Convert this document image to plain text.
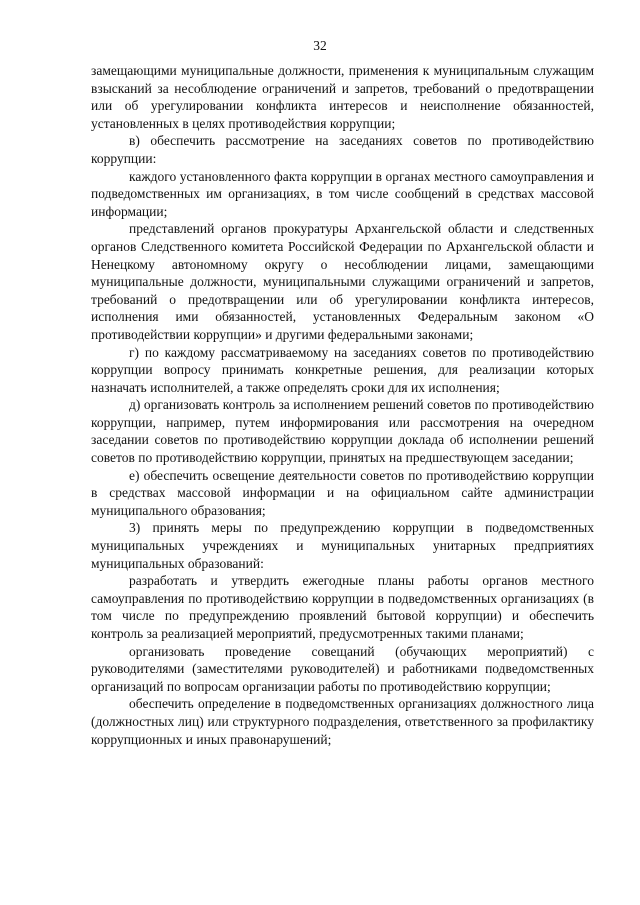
32

замещающими муниципальные должности, применения к муниципальным служащим взысканий за несоблюдение ограничений и запретов, требований о предотвращении или об урегулировании конфликта интересов и неисполнение обязанностей, установленных в целях противодействия коррупции;

в) обеспечить рассмотрение на заседаниях советов по противодействию коррупции:

каждого установленного факта коррупции в органах местного самоуправления и подведомственных им организациях, в том числе сообщений в средствах массовой информации;

представлений органов прокуратуры Архангельской области и следственных органов Следственного комитета Российской Федерации по Архангельской области и Ненецкому автономному округу о несоблюдении лицами, замещающими муниципальные должности, муниципальными служащими ограничений и запретов, требований о предотвращении или об урегулировании конфликта интересов, исполнения ими обязанностей, установленных Федеральным законом «О противодействии коррупции» и другими федеральными законами;

г) по каждому рассматриваемому на заседаниях советов по противодействию коррупции вопросу принимать конкретные решения, для реализации которых назначать исполнителей, а также определять сроки для их исполнения;

д) организовать контроль за исполнением решений советов по противодействию коррупции, например, путем информирования или рассмотрения на очередном заседании советов по противодействию коррупции доклада об исполнении решений советов по противодействию коррупции, принятых на предшествующем заседании;

е) обеспечить освещение деятельности советов по противодействию коррупции в средствах массовой информации и на официальном сайте администрации муниципального образования;

3) принять меры по предупреждению коррупции в подведомственных муниципальных учреждениях и муниципальных унитарных предприятиях муниципальных образований:

разработать и утвердить ежегодные планы работы органов местного самоуправления по противодействию коррупции в подведомственных организациях (в том числе по предупреждению проявлений бытовой коррупции) и обеспечить контроль за реализацией мероприятий, предусмотренных такими планами;

организовать проведение совещаний (обучающих мероприятий) с руководителями (заместителями руководителей) и работниками подведомственных организаций по вопросам организации работы по противодействию коррупции;

обеспечить определение в подведомственных организациях должностного лица (должностных лиц) или структурного подразделения, ответственного за профилактику коррупционных и иных правонарушений;
